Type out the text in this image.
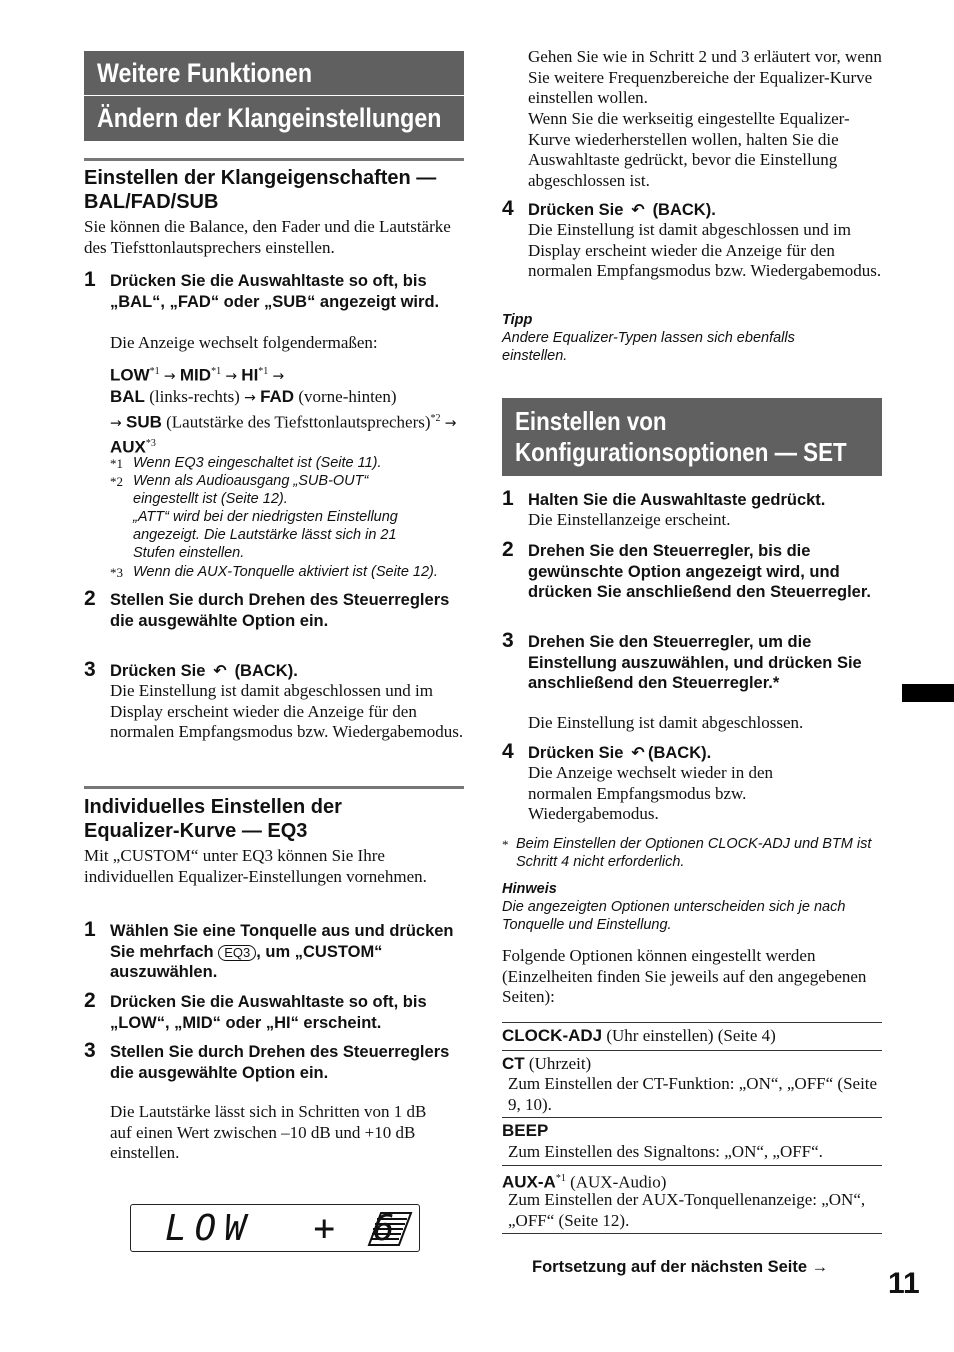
Weitere Funktionen
Ändern der Klangeinstellungen
Einstellen der Klangeigenschaften — BAL/FAD/SUB
Sie können die Balance, den Fader und die Lautstärke des Tiefsttonlautsprechers einstellen.
1 Drücken Sie die Auswahltaste so oft, bis „BAL“, „FAD“ oder „SUB“ angezeigt wird.
Die Anzeige wechselt folgendermaßen:
$LOW^{*1} \to MID^{*1} \to HI^{*1}$ →
BAL (links-rechts) → FAD (vorne-hinten)
→ SUB (Lautstärke des Tiefsttonlautsprechers)$^{*2}$ → $AUX^{*3}$
*1 Wenn EQ3 eingeschaltet ist (Seite 11).
*2 Wenn als Audioausgang „SUB-OUT“ eingestellt ist (Seite 12).
„ATT“ wird bei der niedrigsten Einstellung angezeigt. Die Lautstärke lässt sich in 21 Stufen einstellen.
*3 Wenn die AUX-Tonquelle aktiviert ist (Seite 12).
2 Stellen Sie durch Drehen des Steuerreglers die ausgewählte Option ein.
3 Drücken Sie ↶ (BACK).
Die Einstellung ist damit abgeschlossen und im Display erscheint wieder die Anzeige für den normalen Empfangsmodus bzw. Wiedergabemodus.
Individuelles Einstellen der Equalizer-Kurve — EQ3
Mit „CUSTOM“ unter EQ3 können Sie Ihre individuellen Equalizer-Einstellungen vornehmen.
1 Wählen Sie eine Tonquelle aus und drücken Sie mehrfach EQ3 , um „CUSTOM“ auszuwählen.
2 Drücken Sie die Auswahltaste so oft, bis „LOW“, „MID“ oder „HI“ erscheint.
3 Stellen Sie durch Drehen des Steuerreglers die ausgewählte Option ein.
Die Lautstärke lässt sich in Schritten von 1 dB auf einen Wert zwischen –10 dB und +10 dB einstellen.
LOW  + 6
Gehen Sie wie in Schritt 2 und 3 erläutert vor, wenn Sie weitere Frequenzbereiche der Equalizer-Kurve einstellen wollen.
Wenn Sie die werkseitig eingestellte Equalizer-Kurve wiederherstellen wollen, halten Sie die Auswahltaste gedrückt, bevor die Einstellung abgeschlossen ist.
4 Drücken Sie ↶ (BACK).
Die Einstellung ist damit abgeschlossen und im Display erscheint wieder die Anzeige für den normalen Empfangsmodus bzw. Wiedergabemodus.
Tipp
Andere Equalizer-Typen lassen sich ebenfalls einstellen.
Einstellen von
Konfigurationsoptionen — SET
1 Halten Sie die Auswahltaste gedrückt.
Die Einstellanzeige erscheint.
2 Drehen Sie den Steuerregler, bis die gewünschte Option angezeigt wird, und drücken Sie anschließend den Steuerregler.
3 Drehen Sie den Steuerregler, um die Einstellung auszuwählen, und drücken Sie anschließend den Steuerregler.*
Die Einstellung ist damit abgeschlossen.
4 Drücken Sie ↶ (BACK).
Die Anzeige wechselt wieder in den normalen Empfangsmodus bzw. Wiedergabemodus.
* Beim Einstellen der Optionen CLOCK-ADJ und BTM ist Schritt 4 nicht erforderlich.
Hinweis
Die angezeigten Optionen unterscheiden sich je nach Tonquelle und Einstellung.
Folgende Optionen können eingestellt werden (Einzelheiten finden Sie jeweils auf den angegebenen Seiten):
CLOCK-ADJ (Uhr einstellen) (Seite 4)
CT (Uhrzeit)
Zum Einstellen der CT-Funktion: „ON“, „OFF“ (Seite 9, 10).
BEEP
Zum Einstellen des Signaltons: „ON“, „OFF“.
AUX-$A^{*1}$ (AUX-Audio)
Zum Einstellen der AUX-Tonquellenanzeige: „ON“, „OFF“ (Seite 12).
Fortsetzung auf der nächsten Seite → 11
